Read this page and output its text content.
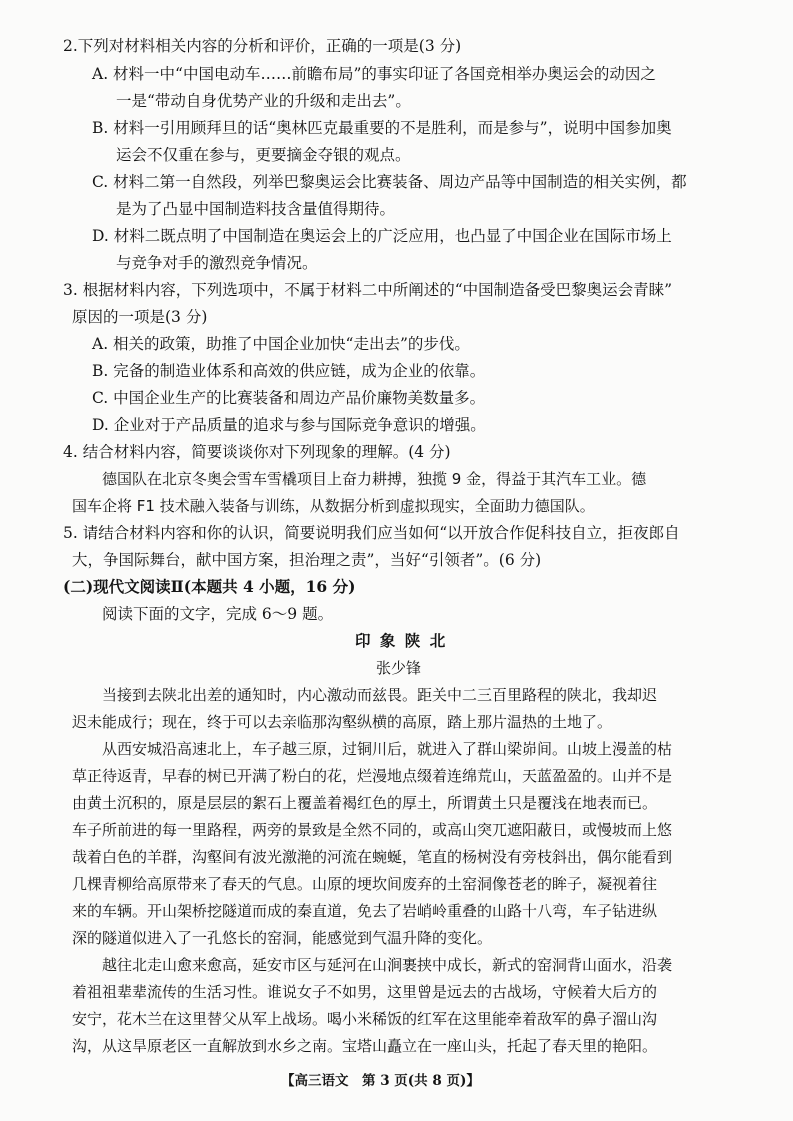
2.下列对材料相关内容的分析和评价，正确的一项是(3 分)
A. 材料一中“中国电动车……前瞻布局”的事实印证了各国竞相举办奥运会的动因之
一是“带动自身优势产业的升级和走出去”。
B. 材料一引用顾拜旦的话“奥林匹克最重要的不是胜利，而是参与”，说明中国参加奥
运会不仅重在参与，更要摘金夺银的观点。
C. 材料二第一自然段，列举巴黎奥运会比赛装备、周边产品等中国制造的相关实例，都
是为了凸显中国制造料技含量值得期待。
D. 材料二既点明了中国制造在奥运会上的广泛应用，也凸显了中国企业在国际市场上
与竞争对手的激烈竞争情况。
3. 根据材料内容，下列选项中，不属于材料二中所阐述的“中国制造备受巴黎奥运会青睐”
原因的一项是(3 分)
A. 相关的政策，助推了中国企业加快“走出去”的步伐。
B. 完备的制造业体系和高效的供应链，成为企业的依靠。
C. 中国企业生产的比赛装备和周边产品价廉物美数量多。
D. 企业对于产品质量的追求与参与国际竞争意识的增强。
4. 结合材料内容，简要谈谈你对下列现象的理解。(4 分)
德国队在北京冬奥会雪车雪橇项目上奋力耕搏，独揽 9 金，得益于其汽车工业。德
国车企将 F1 技术融入装备与训练，从数据分析到虚拟现实，全面助力德国队。
5. 请结合材料内容和你的认识，简要说明我们应当如何“以开放合作促科技自立，拒夜郎自
大，争国际舞台，献中国方案，担治理之责”，当好“引领者”。(6 分)
(二)现代文阅读Ⅱ(本题共 4 小题，16 分)
阅读下面的文字，完成 6～9 题。
印 象 陕 北
张少锋
当接到去陕北出差的通知时，内心激动而兹畏。距关中二三百里路程的陕北，我却迟
迟未能成行；现在，终于可以去亲临那沟壑纵横的高原，踏上那片温热的土地了。
从西安城沿高速北上，车子越三原，过铜川后，就进入了群山梁峁间。山坡上漫盖的枯
草正待返青，早春的树已开满了粉白的花，烂漫地点缀着连绵荒山，天蓝盈盈的。山并不是
由黄土沉积的，原是层层的絮石上覆盖着褐红色的厚土，所谓黄土只是覆浅在地表而已。
车子所前进的每一里路程，两旁的景致是全然不同的，或高山突兀遮阳蔽日，或慢坡而上悠
哉着白色的羊群，沟壑间有波光激滟的河流在蜿蜒，笔直的杨树没有旁枝斜出，偶尔能看到
几棵青柳给高原带来了春天的气息。山原的埂坎间废弃的土窑洞像苍老的眸子，凝视着往
来的车辆。开山架桥挖隧道而成的秦直道，免去了岩峭岭重叠的山路十八弯，车子钻进纵
深的隧道似进入了一孔悠长的窑洞，能感觉到气温升降的变化。
越往北走山愈来愈高，延安市区与延河在山涧裹挟中成长，新式的窑洞背山面水，沿袭
着祖祖辈辈流传的生活习性。谁说女子不如男，这里曾是远去的古战场，守候着大后方的
安宁，花木兰在这里替父从军上战场。喝小米稀饭的红军在这里能牵着敌军的鼻子溜山沟
沟，从这旱原老区一直解放到水乡之南。宝塔山矗立在一座山头，托起了春天里的艳阳。
【高三语文　第 3 页(共 8 页)】
